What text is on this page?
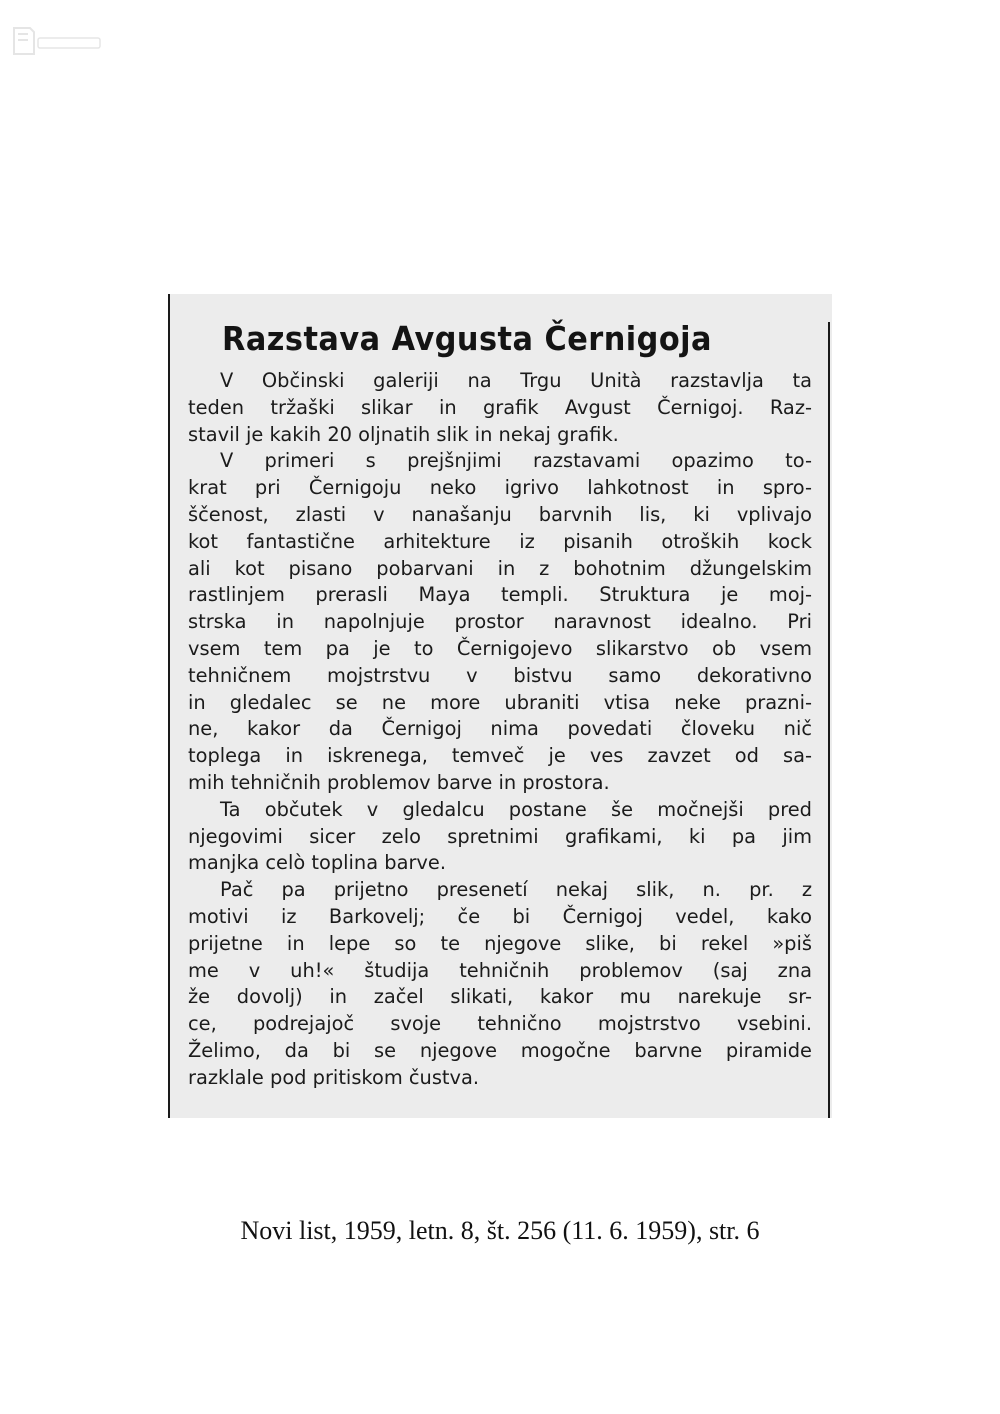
Razstava Avgusta Černigoja
V Občinski galeriji na Trgu Unità razstavlja ta
teden tržaški slikar in grafik Avgust Černigoj. Raz-
stavil je kakih 20 oljnatih slik in nekaj grafik.
V primeri s prejšnjimi razstavami opazimo to-
krat pri Černigoju neko igrivo lahkotnost in spro-
ščenost, zlasti v nanašanju barvnih lis, ki vplivajo
kot fantastične arhitekture iz pisanih otroških kock
ali kot pisano pobarvani in z bohotnim džungelskim
rastlinjem prerasli Maya templi. Struktura je moj-
strska in napolnjuje prostor naravnost idealno. Pri
vsem tem pa je to Černigojevo slikarstvo ob vsem
tehničnem mojstrstvu v bistvu samo dekorativno
in gledalec se ne more ubraniti vtisa neke prazni-
ne, kakor da Černigoj nima povedati človeku nič
toplega in iskrenega, temveč je ves zavzet od sa-
mih tehničnih problemov barve in prostora.
Ta občutek v gledalcu postane še močnejši pred
njegovimi sicer zelo spretnimi grafikami, ki pa jim
manjka celò toplina barve.
Pač pa prijetno presenetí nekaj slik, n. pr. z
motivi iz Barkovelj; če bi Černigoj vedel, kako
prijetne in lepe so te njegove slike, bi rekel »piš
me v uh!« študija tehničnih problemov (saj zna
že dovolj) in začel slikati, kakor mu narekuje sr-
ce, podrejajoč svoje tehnično mojstrstvo vsebini.
Želimo, da bi se njegove mogočne barvne piramide
razklale pod pritiskom čustva.
Novi list, 1959, letn. 8, št. 256 (11. 6. 1959), str. 6
